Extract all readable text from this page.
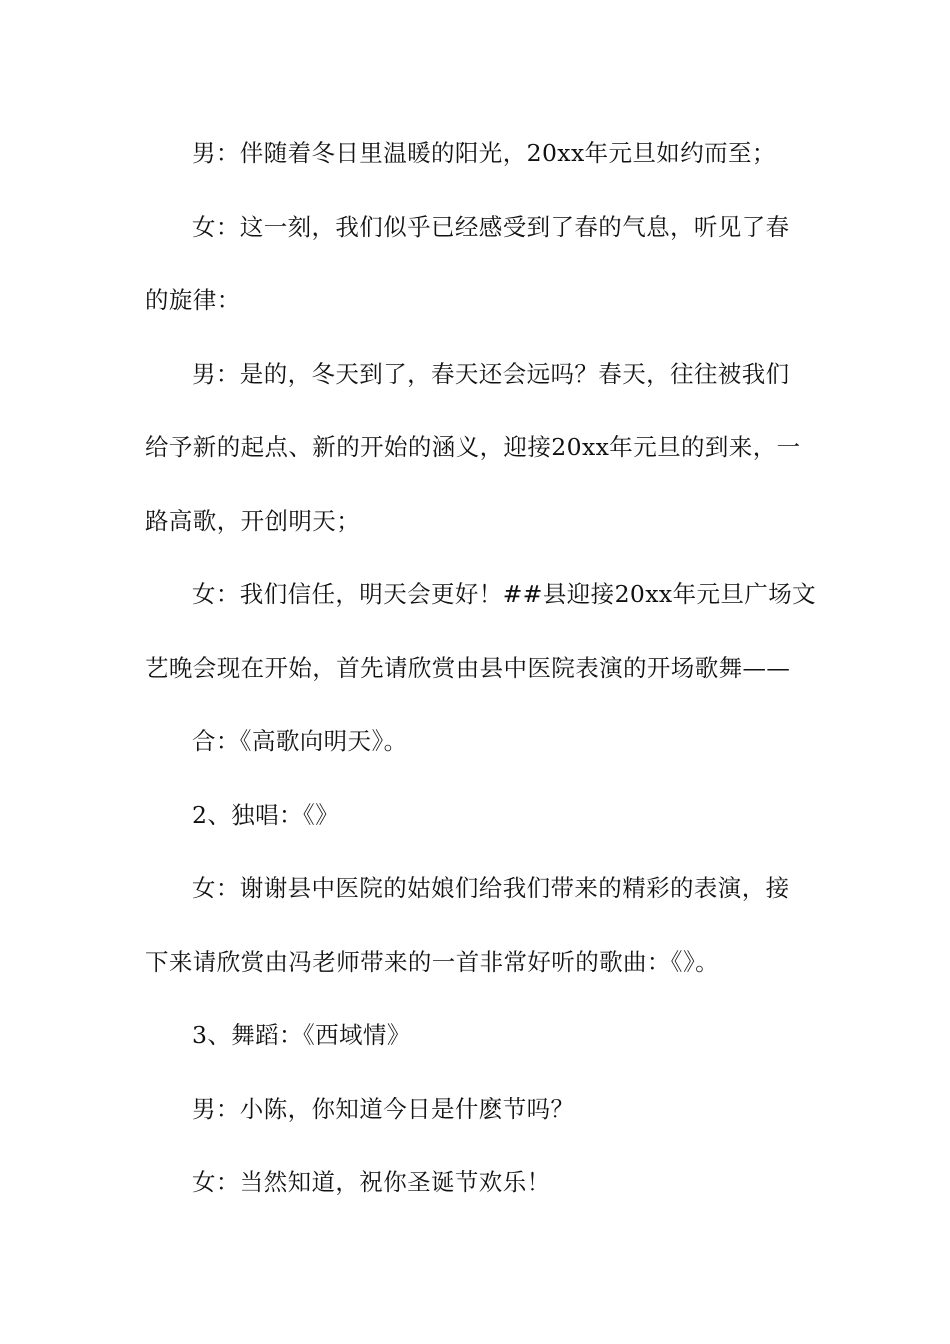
男：伴随着冬日里温暖的阳光，20xx年元旦如约而至；
女：这一刻，我们似乎已经感受到了春的气息，听见了春
的旋律：
男：是的，冬天到了，春天还会远吗？春天，往往被我们
给予新的起点、新的开始的涵义，迎接20xx年元旦的到来，一
路高歌，开创明天；
女：我们信任，明天会更好！##县迎接20xx年元旦广场文
艺晚会现在开始，首先请欣赏由县中医院表演的开场歌舞——
合：《高歌向明天》。
2、独唱：《》
女：谢谢县中医院的姑娘们给我们带来的精彩的表演，接
下来请欣赏由冯老师带来的一首非常好听的歌曲：《》。
3、舞蹈：《西域情》
男：小陈，你知道今日是什麽节吗？
女：当然知道，祝你圣诞节欢乐！
